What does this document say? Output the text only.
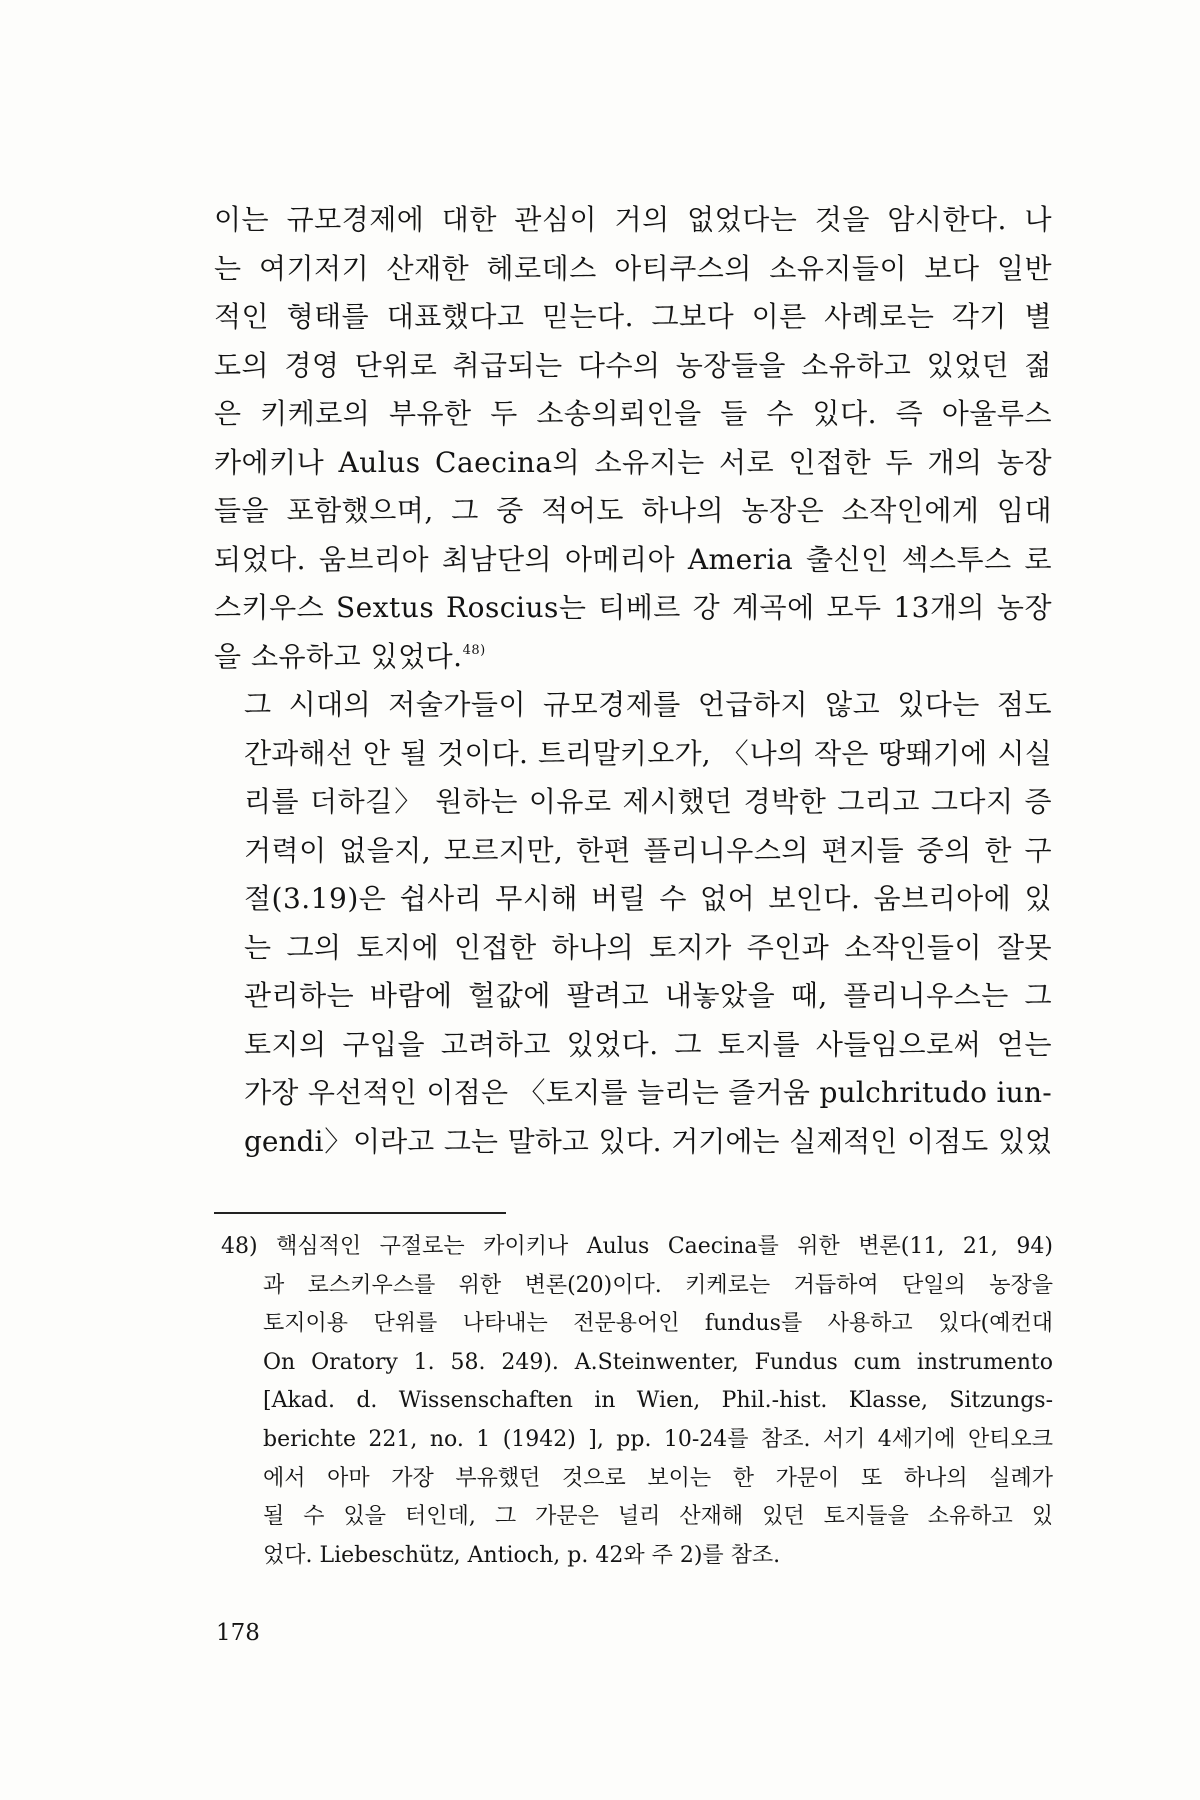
이는 규모경제에 대한 관심이 거의 없었다는 것을 암시한다. 나
는 여기저기 산재한 헤로데스 아티쿠스의 소유지들이 보다 일반
적인 형태를 대표했다고 믿는다. 그보다 이른 사례로는 각기 별
도의 경영 단위로 취급되는 다수의 농장들을 소유하고 있었던 젊
은 키케로의 부유한 두 소송의뢰인을 들 수 있다. 즉 아울루스
카에키나 Aulus Caecina의 소유지는 서로 인접한 두 개의 농장
들을 포함했으며, 그 중 적어도 하나의 농장은 소작인에게 임대
되었다. 움브리아 최남단의 아메리아 Ameria 출신인 섹스투스 로
스키우스 Sextus Roscius는 티베르 강 계곡에 모두 13개의 농장
을 소유하고 있었다.$^{48)}$

그 시대의 저술가들이 규모경제를 언급하지 않고 있다는 점도
간과해선 안 될 것이다. 트리말키오가, 〈나의 작은 땅뙈기에 시실
리를 더하길〉 원하는 이유로 제시했던 경박한 그리고 그다지 증
거력이 없을지, 모르지만, 한편 플리니우스의 편지들 중의 한 구
절(3.19)은 쉽사리 무시해 버릴 수 없어 보인다. 움브리아에 있
는 그의 토지에 인접한 하나의 토지가 주인과 소작인들이 잘못
관리하는 바람에 헐값에 팔려고 내놓았을 때, 플리니우스는 그
토지의 구입을 고려하고 있었다. 그 토지를 사들임으로써 얻는
가장 우선적인 이점은 〈토지를 늘리는 즐거움 pulchritudo iun-
gendi〉이라고 그는 말하고 있다. 거기에는 실제적인 이점도 있었

48) 핵심적인 구절로는 카이키나 Aulus Caecina를 위한 변론(11, 21, 94)
과 로스키우스를 위한 변론(20)이다. 키케로는 거듭하여 단일의 농장을
토지이용 단위를 나타내는 전문용어인 fundus를 사용하고 있다(예컨대
On Oratory 1. 58. 249). A.Steinwenter, Fundus cum instrumento
[Akad. d. Wissenschaften in Wien, Phil.-hist. Klasse, Sitzungs-
berichte 221, no. 1 (1942) ], pp. 10-24를 참조. 서기 4세기에 안티오크
에서 아마 가장 부유했던 것으로 보이는 한 가문이 또 하나의 실례가
될 수 있을 터인데, 그 가문은 널리 산재해 있던 토지들을 소유하고 있
었다. Liebeschütz, Antioch, p. 42와 주 2)를 참조.
178
